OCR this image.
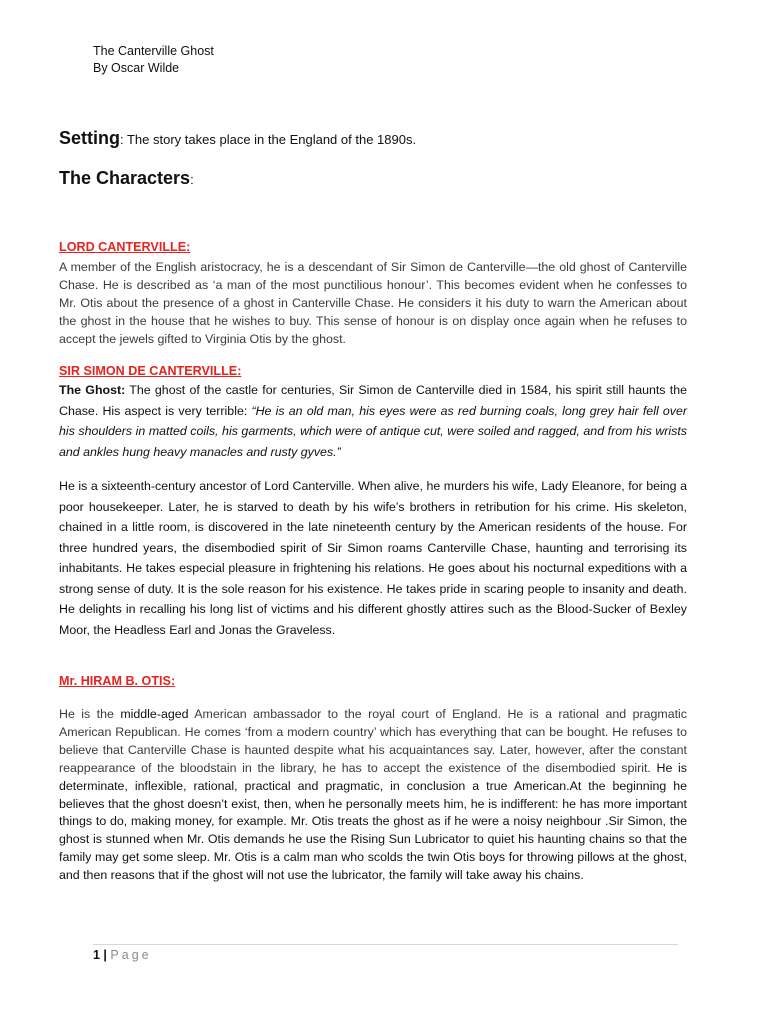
The Canterville Ghost
By Oscar Wilde
Setting: The story takes place in the England of the 1890s.
The Characters:
LORD CANTERVILLE:
A member of the English aristocracy, he is a descendant of Sir Simon de Canterville—the old ghost of Canterville Chase. He is described as ‘a man of the most punctilious honour’. This becomes evident when he confesses to Mr. Otis about the presence of a ghost in Canterville Chase. He considers it his duty to warn the American about the ghost in the house that he wishes to buy. This sense of honour is on display once again when he refuses to accept the jewels gifted to Virginia Otis by the ghost.
SIR SIMON DE CANTERVILLE:
The Ghost: The ghost of the castle for centuries, Sir Simon de Canterville died in 1584, his spirit still haunts the Chase. His aspect is very terrible: “He is an old man, his eyes were as red burning coals, long grey hair fell over his shoulders in matted coils, his garments, which were of antique cut, were soiled and ragged, and from his wrists and ankles hung heavy manacles and rusty gyves.”
He is a sixteenth-century ancestor of Lord Canterville. When alive, he murders his wife, Lady Eleanore, for being a poor housekeeper. Later, he is starved to death by his wife’s brothers in retribution for his crime. His skeleton, chained in a little room, is discovered in the late nineteenth century by the American residents of the house. For three hundred years, the disembodied spirit of Sir Simon roams Canterville Chase, haunting and terrorising its inhabitants. He takes especial pleasure in frightening his relations. He goes about his nocturnal expeditions with a strong sense of duty. It is the sole reason for his existence. He takes pride in scaring people to insanity and death. He delights in recalling his long list of victims and his different ghostly attires such as the Blood-Sucker of Bexley Moor, the Headless Earl and Jonas the Graveless.
Mr. HIRAM B. OTIS:
He is the middle-aged American ambassador to the royal court of England. He is a rational and pragmatic American Republican. He comes ‘from a modern country’ which has everything that can be bought. He refuses to believe that Canterville Chase is haunted despite what his acquaintances say. Later, however, after the constant reappearance of the bloodstain in the library, he has to accept the existence of the disembodied spirit. He is determinate, inflexible, rational, practical and pragmatic, in conclusion a true American.At the beginning he believes that the ghost doesn’t exist, then, when he personally meets him, he is indifferent: he has more important things to do, making money, for example. Mr. Otis treats the ghost as if he were a noisy neighbour .Sir Simon, the ghost is stunned when Mr. Otis demands he use the Rising Sun Lubricator to quiet his haunting chains so that the family may get some sleep. Mr. Otis is a calm man who scolds the twin Otis boys for throwing pillows at the ghost, and then reasons that if the ghost will not use the lubricator, the family will take away his chains.
1 | Page
